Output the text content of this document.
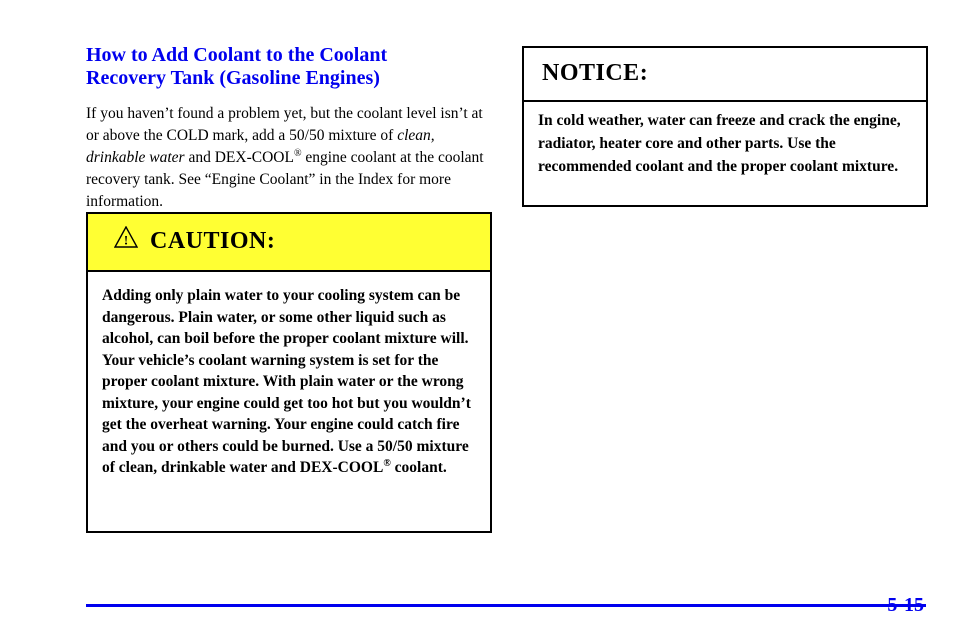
How to Add Coolant to the Coolant
Recovery Tank (Gasoline Engines)

If you haven’t found a problem yet, but the coolant level isn’t at or above the COLD mark, add a 50/50 mixture of clean, drinkable water and DEX-COOL® engine coolant at the coolant recovery tank. See “Engine Coolant” in the Index for more information.

! CAUTION:
Adding only plain water to your cooling system can be dangerous. Plain water, or some other liquid such as alcohol, can boil before the proper coolant mixture will. Your vehicle’s coolant warning system is set for the proper coolant mixture. With plain water or the wrong mixture, your engine could get too hot but you wouldn’t get the overheat warning. Your engine could catch fire and you or others could be burned. Use a 50/50 mixture of clean, drinkable water and DEX-COOL® coolant.
NOTICE:
In cold weather, water can freeze and crack the engine, radiator, heater core and other parts. Use the recommended coolant and the proper coolant mixture.
5-15
